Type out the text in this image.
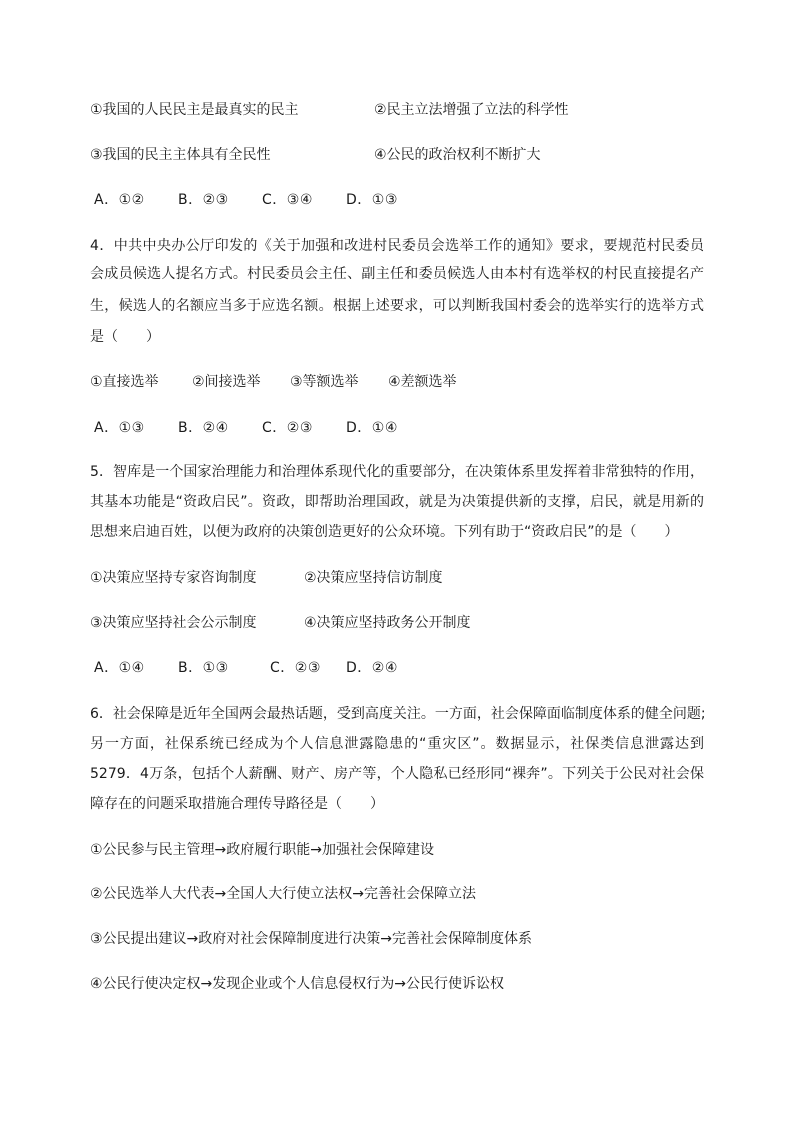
①我国的人民民主是最真实的民主	②民主立法增强了立法的科学性
③我国的民主主体具有全民性	④公民的政治权利不断扩大
A．①② B．②③ C．③④ D．①③
4．中共中央办公厅印发的《关于加强和改进村民委员会选举工作的通知》要求，要规范村民委员
会成员候选人提名方式。村民委员会主任、副主任和委员候选人由本村有选举权的村民直接提名产
生，候选人的名额应当多于应选名额。根据上述要求，可以判断我国村委会的选举实行的选举方式
是（　　）
①直接选举 ②间接选举 ③等额选举 ④差额选举
A．①③ B．②④ C．②③ D．①④
5．智库是一个国家治理能力和治理体系现代化的重要部分，在决策体系里发挥着非常独特的作用，
其基本功能是“资政启民”。资政，即帮助治理国政，就是为决策提供新的支撑，启民，就是用新的
思想来启迪百姓，以便为政府的决策创造更好的公众环境。下列有助于“资政启民”的是（　　）
①决策应坚持专家咨询制度	②决策应坚持信访制度
③决策应坚持社会公示制度	④决策应坚持政务公开制度
A．①④ B．①③	C．②③ D．②④
6．社会保障是近年全国两会最热话题，受到高度关注。一方面，社会保障面临制度体系的健全问题;
另一方面，社保系统已经成为个人信息泄露隐患的“重灾区”。数据显示，社保类信息泄露达到
5279．4万条，包括个人薪酬、财产、房产等，个人隐私已经形同“裸奔”。下列关于公民对社会保
障存在的问题采取措施合理传导路径是（　　）
①公民参与民主管理→政府履行职能→加强社会保障建设
②公民选举人大代表→全国人大行使立法权→完善社会保障立法
③公民提出建议→政府对社会保障制度进行决策→完善社会保障制度体系
④公民行使决定权→发现企业或个人信息侵权行为→公民行使诉讼权
